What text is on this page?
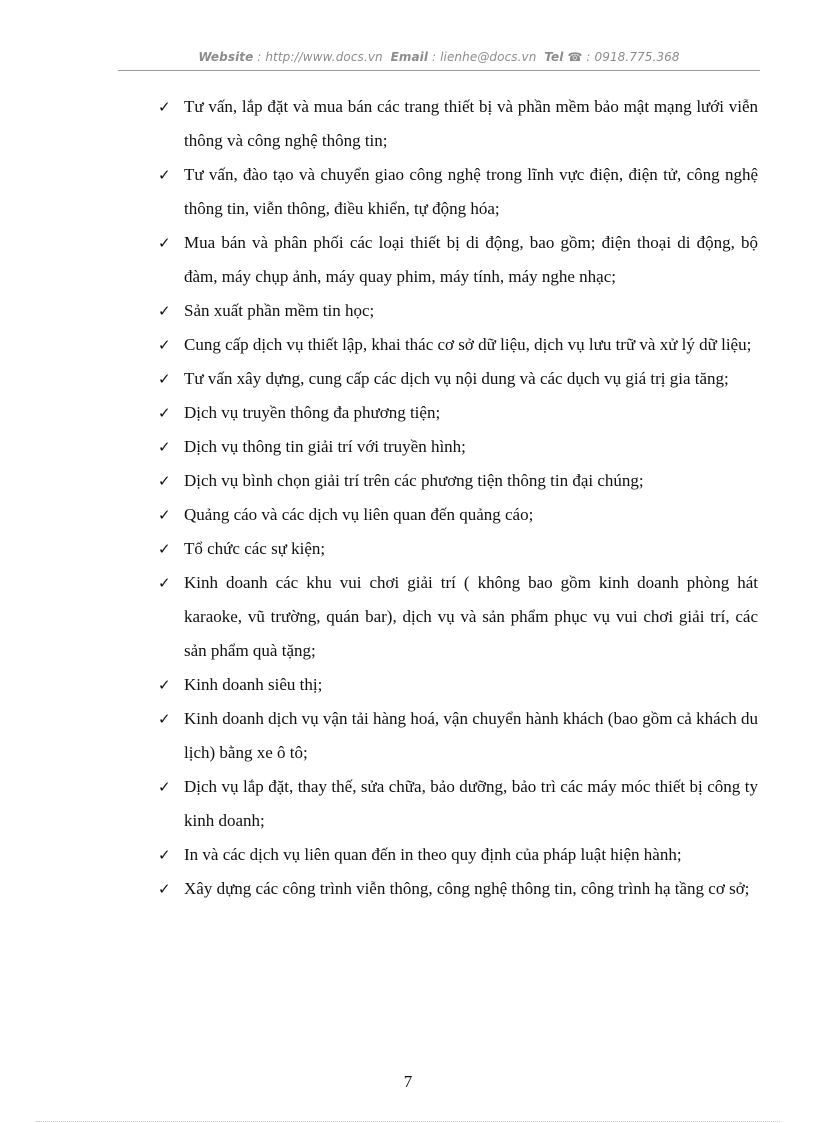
Website : http://www.docs.vn Email : lienhe@docs.vn Tel ☎ : 0918.775.368
✓ Tư vấn, lắp đặt và mua bán các trang thiết bị và phần mềm bảo mật mạng lưới viễn thông và công nghệ thông tin;
✓ Tư vấn, đào tạo và chuyển giao công nghệ trong lĩnh vực điện, điện tử, công nghệ thông tin, viễn thông, điều khiển, tự động hóa;
✓ Mua bán và phân phối các loại thiết bị di động, bao gồm; điện thoại di động, bộ đàm, máy chụp ảnh, máy quay phim, máy tính, máy nghe nhạc;
✓ Sản xuất phần mềm tin học;
✓ Cung cấp dịch vụ thiết lập, khai thác cơ sở dữ liệu, dịch vụ lưu trữ và xử lý dữ liệu;
✓ Tư vấn xây dựng, cung cấp các dịch vụ nội dung và các dụch vụ giá trị gia tăng;
✓ Dịch vụ truyền thông đa phương tiện;
✓ Dịch vụ thông tin giải trí với truyền hình;
✓ Dịch vụ bình chọn giải trí trên các phương tiện thông tin đại chúng;
✓ Quảng cáo và các dịch vụ liên quan đến quảng cáo;
✓ Tổ chức các sự kiện;
✓ Kinh doanh các khu vui chơi giải trí ( không bao gồm kinh doanh phòng hát karaoke, vũ trường, quán bar), dịch vụ và sản phẩm phục vụ vui chơi giải trí, các sản phẩm quà tặng;
✓ Kinh doanh siêu thị;
✓ Kinh doanh dịch vụ vận tải hàng hoá, vận chuyển hành khách (bao gồm cả khách du lịch) bằng xe ô tô;
✓ Dịch vụ lắp đặt, thay thế, sửa chữa, bảo dưỡng, bảo trì các máy móc thiết bị công ty kinh doanh;
✓ In và các dịch vụ liên quan đến in theo quy định của pháp luật hiện hành;
✓ Xây dựng các công trình viễn thông, công nghệ thông tin, công trình hạ tầng cơ sở;
7
